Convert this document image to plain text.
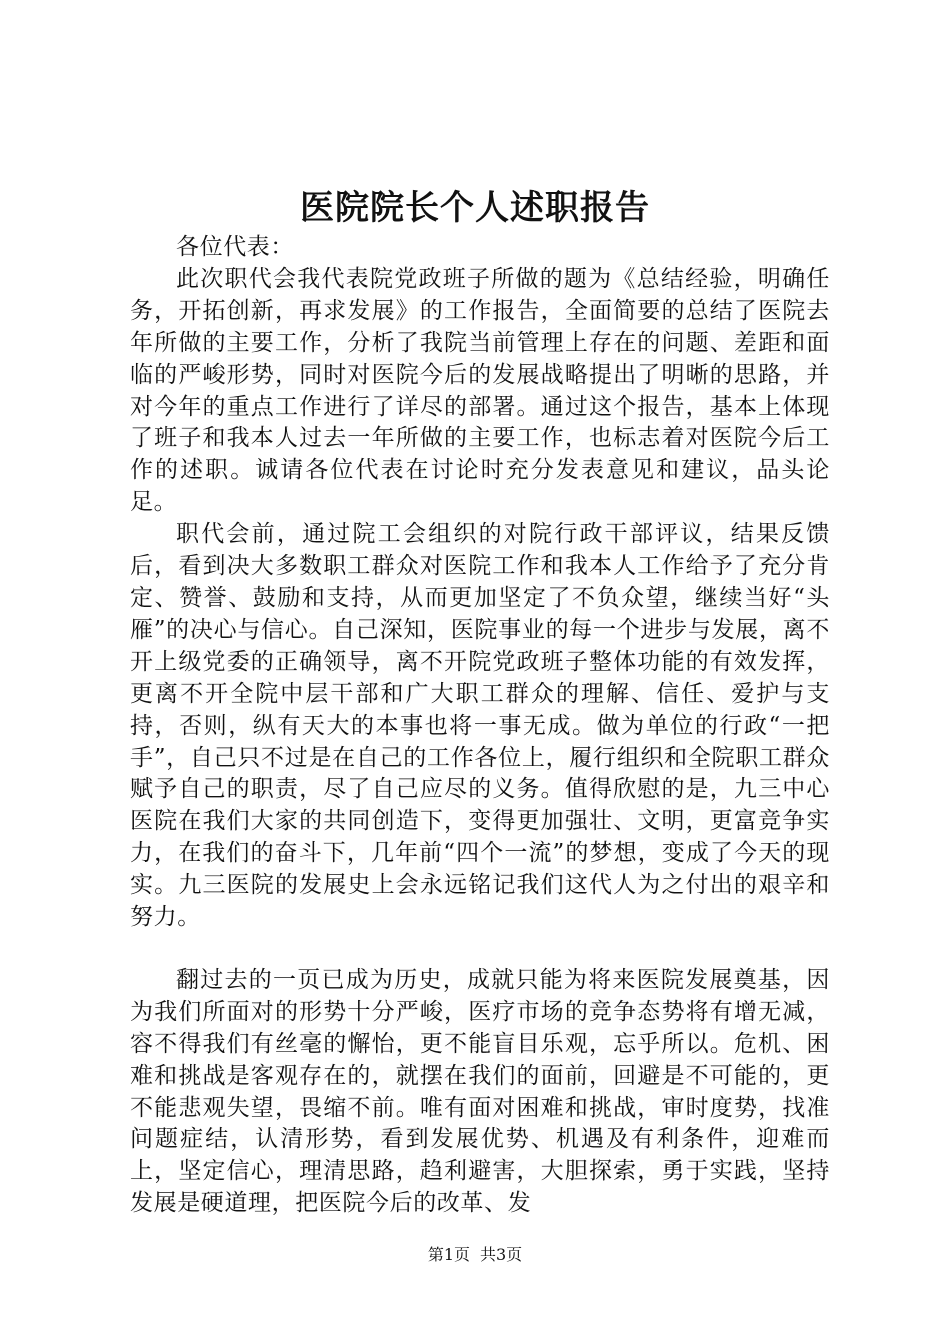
医院院长个人述职报告

各位代表：

此次职代会我代表院党政班子所做的题为《总结经验，明确任务，开拓创新，再求发展》的工作报告，全面简要的总结了医院去年所做的主要工作，分析了我院当前管理上存在的问题、差距和面临的严峻形势，同时对医院今后的发展战略提出了明晰的思路，并对今年的重点工作进行了详尽的部署。通过这个报告，基本上体现了班子和我本人过去一年所做的主要工作，也标志着对医院今后工作的述职。诚请各位代表在讨论时充分发表意见和建议，品头论足。

职代会前，通过院工会组织的对院行政干部评议，结果反馈后，看到决大多数职工群众对医院工作和我本人工作给予了充分肯定、赞誉、鼓励和支持，从而更加坚定了不负众望，继续当好“头雁”的决心与信心。自己深知，医院事业的每一个进步与发展，离不开上级党委的正确领导，离不开院党政班子整体功能的有效发挥，更离不开全院中层干部和广大职工群众的理解、信任、爱护与支持，否则，纵有天大的本事也将一事无成。做为单位的行政“一把手”，自己只不过是在自己的工作各位上，履行组织和全院职工群众赋予自己的职责，尽了自己应尽的义务。值得欣慰的是，九三中心医院在我们大家的共同创造下，变得更加强壮、文明，更富竞争实力，在我们的奋斗下，几年前“四个一流”的梦想，变成了今天的现实。九三医院的发展史上会永远铭记我们这代人为之付出的艰辛和努力。

翻过去的一页已成为历史，成就只能为将来医院发展奠基，因为我们所面对的形势十分严峻，医疗市场的竞争态势将有增无减，容不得我们有丝毫的懈怡，更不能盲目乐观，忘乎所以。危机、困难和挑战是客观存在的，就摆在我们的面前，回避是不可能的，更不能悲观失望，畏缩不前。唯有面对困难和挑战，审时度势，找准问题症结，认清形势，看到发展优势、机遇及有利条件，迎难而上，坚定信心，理清思路，趋利避害，大胆探索，勇于实践，坚持发展是硬道理，把医院今后的改革、发

第1页 共3页
